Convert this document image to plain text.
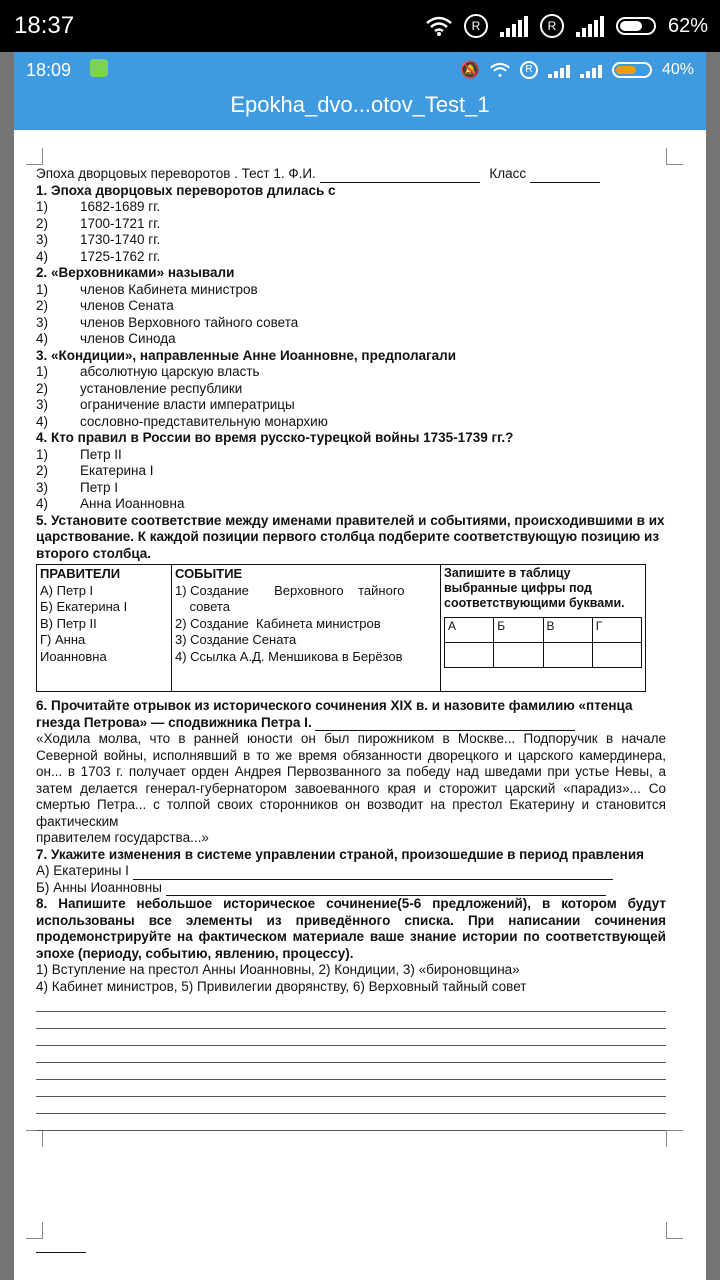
18:37	R	R	62%
18:09	🔕	R	40%
Epokha_dvo...otov_Test_1
Эпоха дворцовых переворотов . Тест 1. Ф.И.	Класс
1. Эпоха дворцовых переворотов длилась с
1)	1682-1689 гг.
2)	1700-1721 гг.
3)	1730-1740 гг.
4)	1725-1762 гг.
2. «Верховниками» называли
1)	членов Кабинета министров
2)	членов Сената
3)	членов Верховного тайного совета
4)	членов Синода
3. «Кондиции», направленные Анне Иоанновне, предполагали
1)	абсолютную царскую власть
2)	установление республики
3)	ограничение власти императрицы
4)	сословно-представительную монархию
4. Кто правил в России во время русско-турецкой войны 1735-1739 гг.?
1)	Петр II
2)	Екатерина I
3)	Петр I
4)	Анна Иоанновна
5. Установите соответствие между именами правителей и событиями, происходившими в их царствование. К каждой позиции первого столбца подберите соответствующую позицию из второго столбца.
ПРАВИТЕЛИ
А) Петр I
Б) Екатерина I
В) Петр II
Г) Анна
Иоанновна

СОБЫТИЕ
1) Создание       Верховного    тайного
совета
2) Создание  Кабинета министров
3) Создание Сената
4) Ссылка А.Д. Меншикова в Берёзов

Запишите в таблицу выбранные цифры под соответствующими буквами.
А	Б	В	Г

6. Прочитайте отрывок из исторического сочинения XIX в. и назовите фамилию «птенца гнезда Петрова» — сподвижника Петра I.
«Ходила молва, что в ранней юности он был пирожником в Москве... Подпоручик в начале Северной войны, исполнявший в то же время обязанности дворецкого и царского камердинера, он... в 1703 г. получает орден Андрея Первозванного за победу над шведами при устье Невы, а затем делается генерал-губернатором завоеванного края и сторожит царский «парадиз»... Со смертью Петра... с толпой своих сторонников он возводит на престол Екатерину и становится фактическим
правителем государства...»
7. Укажите изменения в системе управлении страной, произошедшие в период правления
А) Екатерины I
Б) Анны Иоанновны
8. Напишите небольшое историческое сочинение(5-6 предложений), в котором будут использованы все элементы из приведённого списка. При написании сочинения продемонстрируйте на фактическом материале ваше знание истории по соответствующей эпохе (периоду, событию, явлению, процессу).
1) Вступление на престол Анны Иоанновны, 2) Кондиции, 3) «бироновщина»
4) Кабинет министров, 5) Привилегии дворянству, 6) Верховный тайный совет
